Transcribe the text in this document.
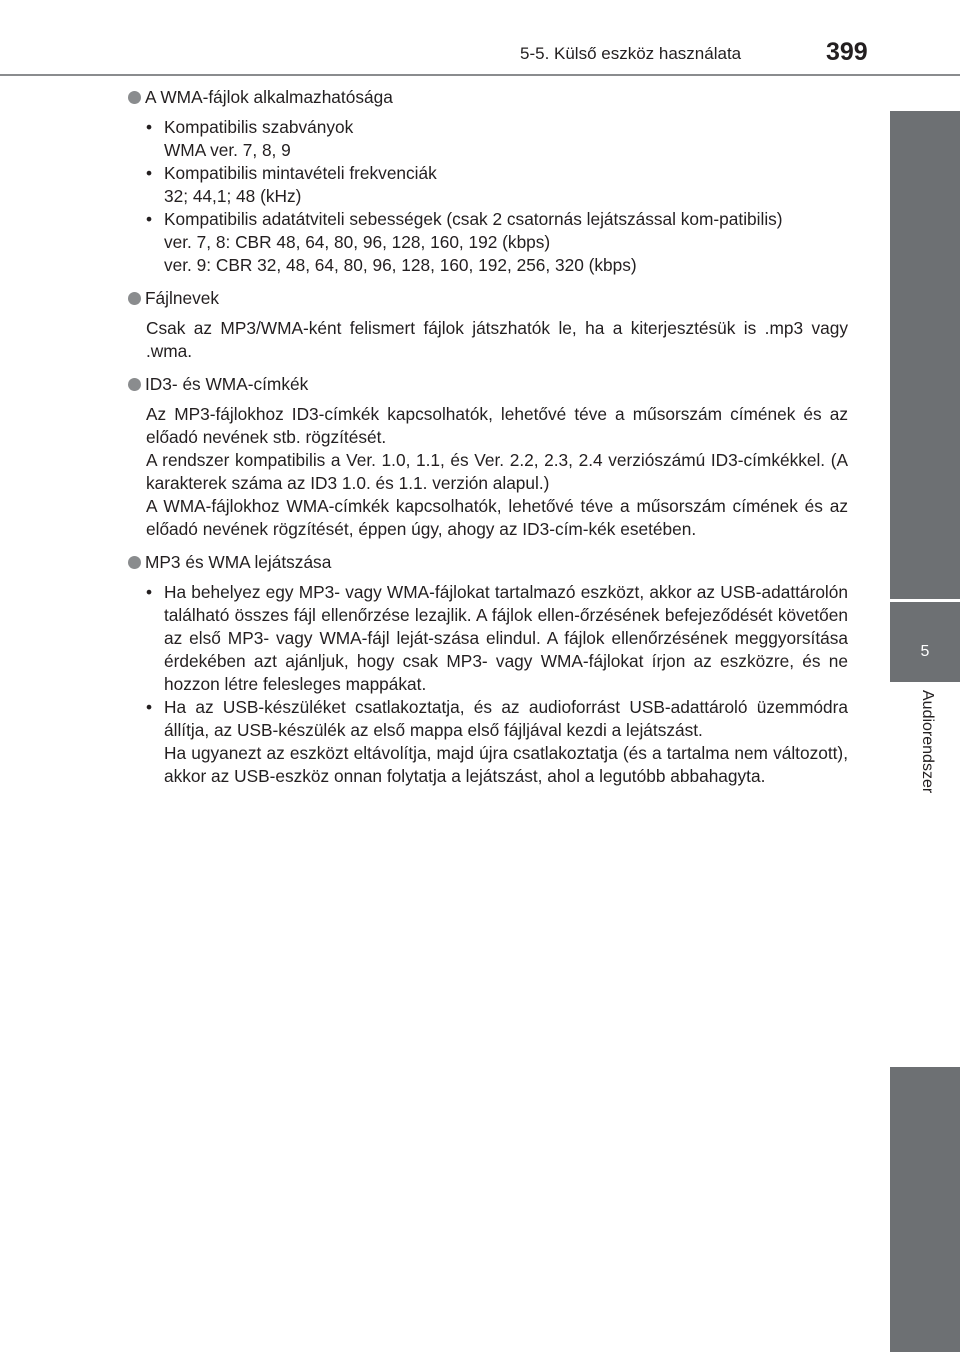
5-5. Külső eszköz használata	399
5
Audiorendszer
A WMA-fájlok alkalmazhatósága
• Kompatibilis szabványok
WMA ver. 7, 8, 9
• Kompatibilis mintavételi frekvenciák
32; 44,1; 48 (kHz)
• Kompatibilis adatátviteli sebességek (csak 2 csatornás lejátszással kom-patibilis)
ver. 7, 8: CBR 48, 64, 80, 96, 128, 160, 192 (kbps)
ver. 9: CBR 32, 48, 64, 80, 96, 128, 160, 192, 256, 320 (kbps)
Fájlnevek
Csak az MP3/WMA-ként felismert fájlok játszhatók le, ha a kiterjesztésük is .mp3 vagy .wma.
ID3- és WMA-címkék
Az MP3-fájlokhoz ID3-címkék kapcsolhatók, lehetővé téve a műsorszám címének és az előadó nevének stb. rögzítését.
A rendszer kompatibilis a Ver. 1.0, 1.1, és Ver. 2.2, 2.3, 2.4 verziószámú ID3-címkékkel. (A karakterek száma az ID3 1.0. és 1.1. verzión alapul.)
A WMA-fájlokhoz WMA-címkék kapcsolhatók, lehetővé téve a műsorszám címének és az előadó nevének rögzítését, éppen úgy, ahogy az ID3-cím-kék esetében.
MP3 és WMA lejátszása
• Ha behelyez egy MP3- vagy WMA-fájlokat tartalmazó eszközt, akkor az USB-adattárolón található összes fájl ellenőrzése lezajlik. A fájlok ellen-őrzésének befejeződését követően az első MP3- vagy WMA-fájl leját-szása elindul. A fájlok ellenőrzésének meggyorsítása érdekében azt ajánljuk, hogy csak MP3- vagy WMA-fájlokat írjon az eszközre, és ne hozzon létre felesleges mappákat.
• Ha az USB-készüléket csatlakoztatja, és az audioforrást USB-adattároló üzemmódra állítja, az USB-készülék az első mappa első fájljával kezdi a lejátszást.
Ha ugyanezt az eszközt eltávolítja, majd újra csatlakoztatja (és a tartalma nem változott), akkor az USB-eszköz onnan folytatja a lejátszást, ahol a legutóbb abbahagyta.
